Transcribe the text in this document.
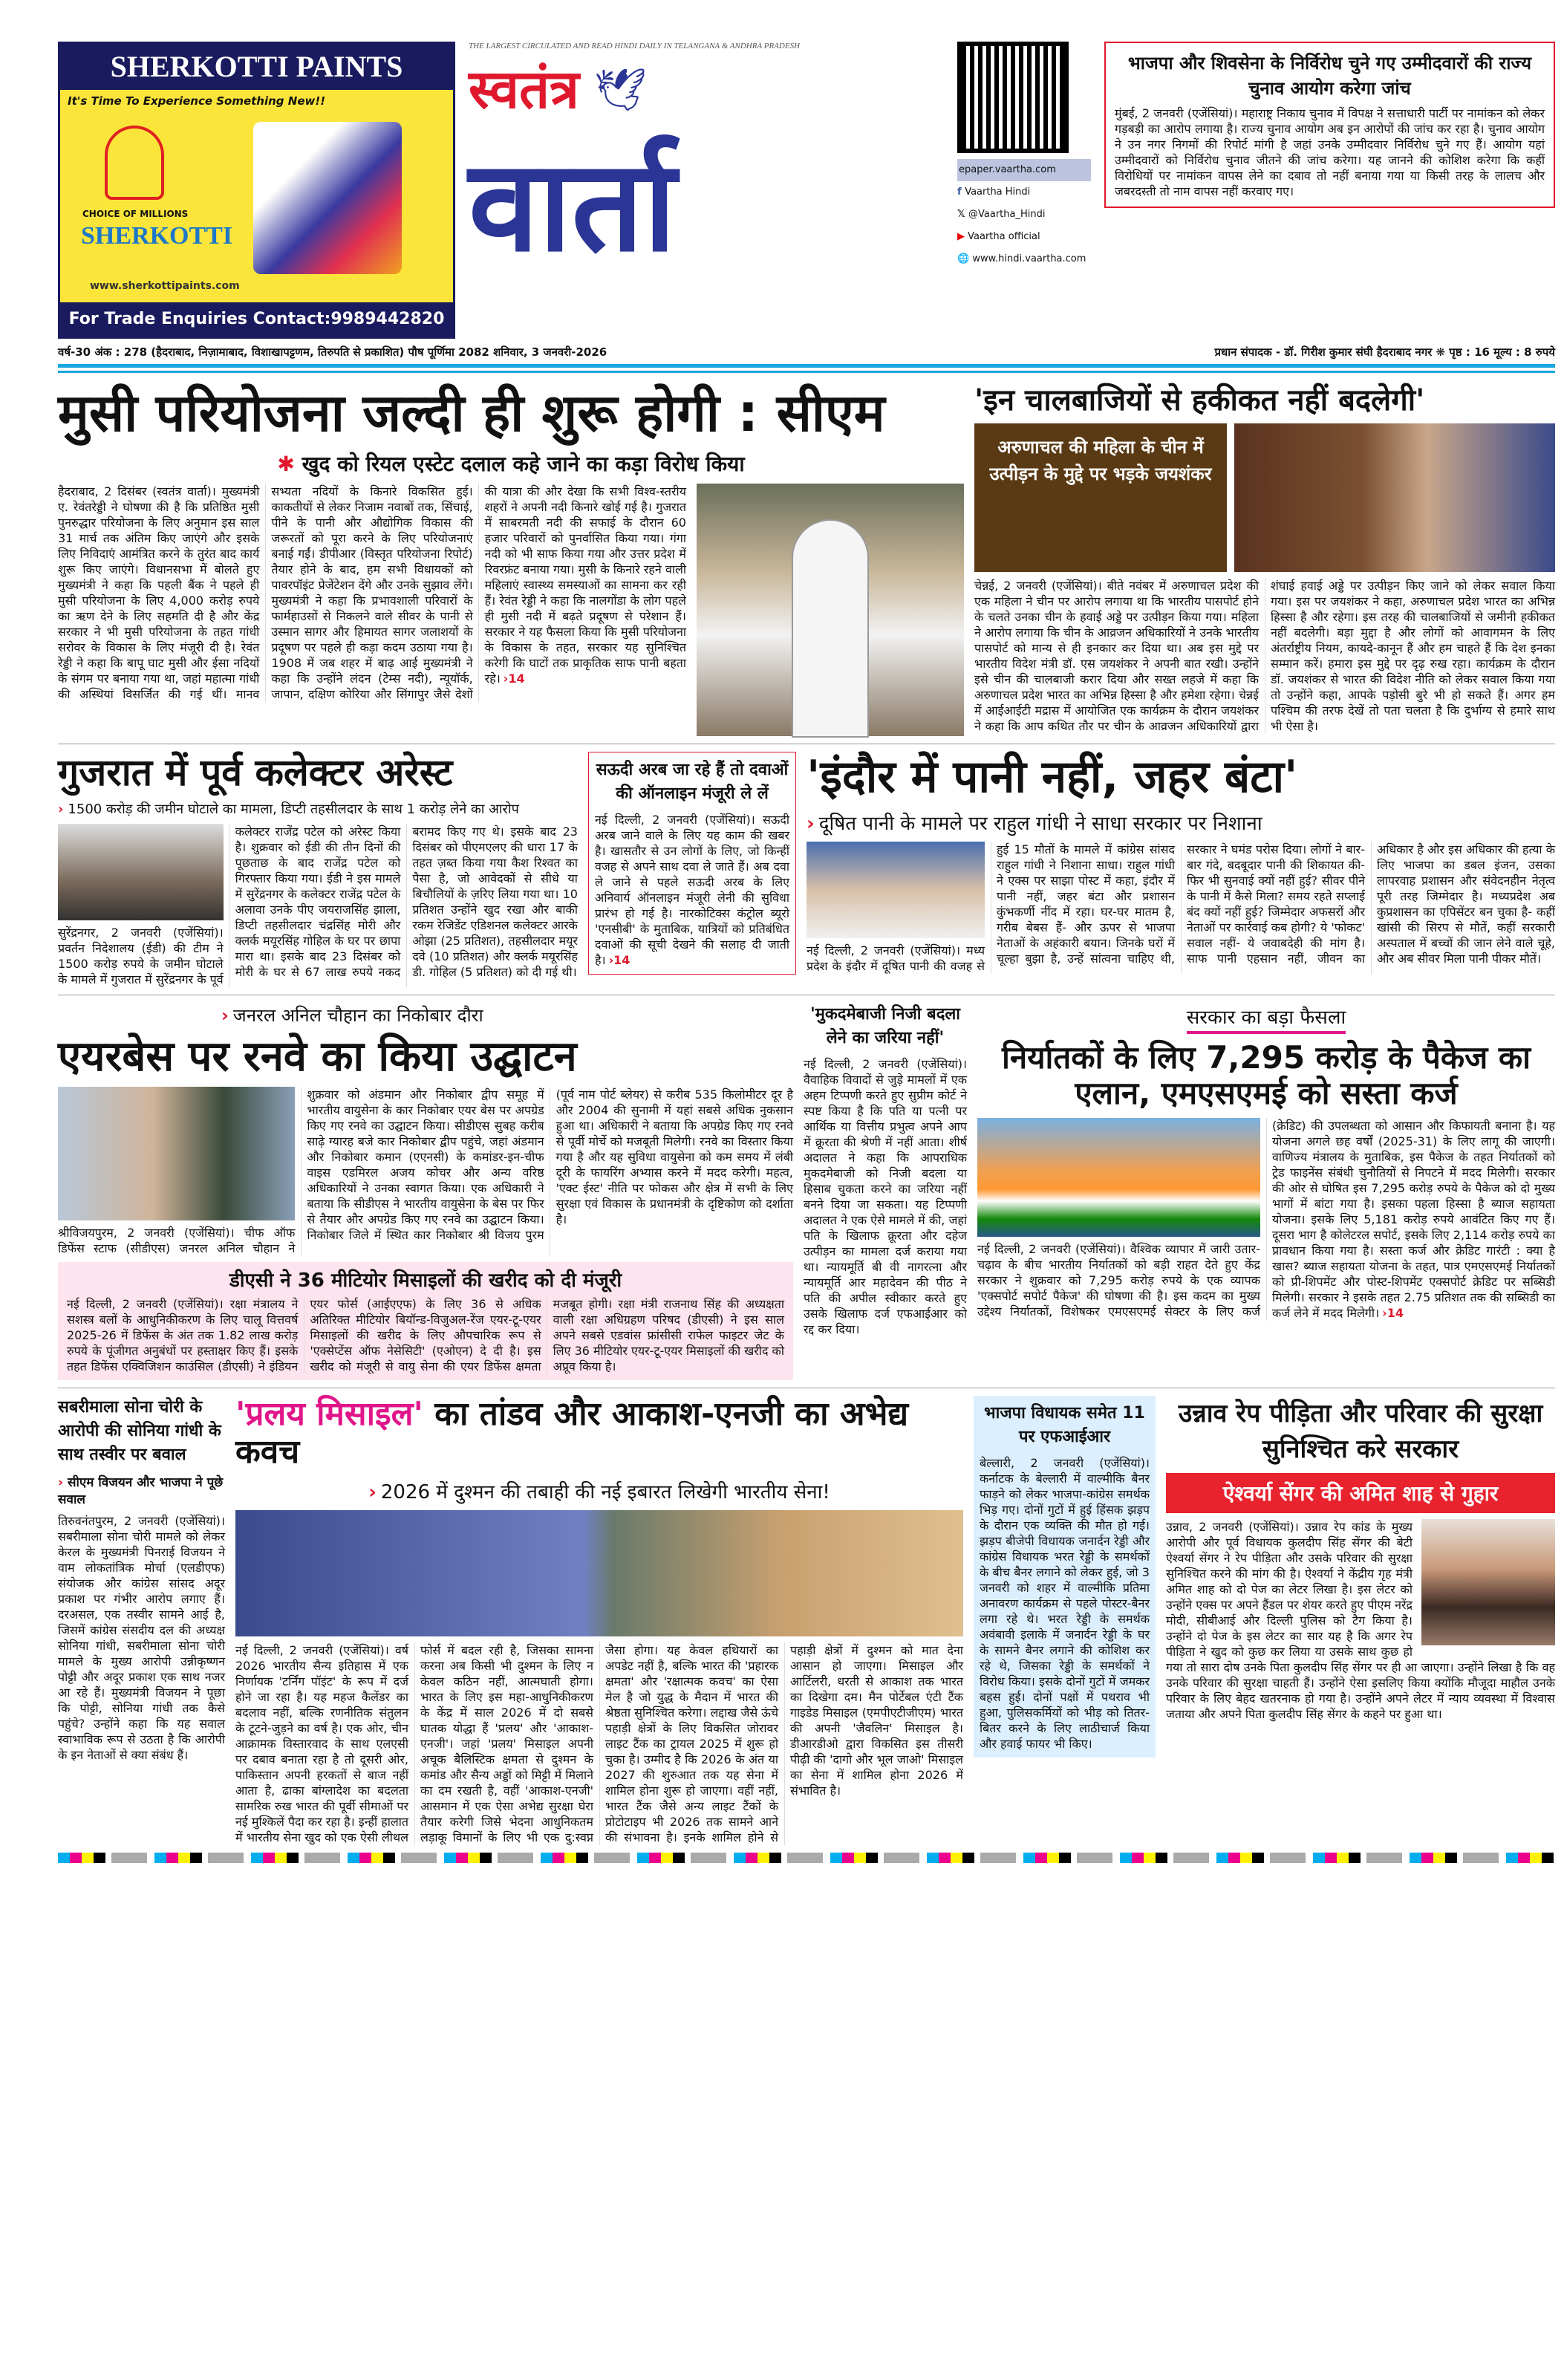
SHERKOTTI PAINTS
It's Time To Experience Something New!!
CHOICE OF MILLIONS
SHERKOTTI
www.sherkottipaints.com
For Trade Enquiries Contact:9989442820
THE LARGEST CIRCULATED AND READ HINDI DAILY IN TELANGANA & ANDHRA PRADESH
स्वतंत्र 🕊
वार्ता	epaper.vaartha.com
f Vaartha Hindi
𝕏 @Vaartha_Hindi
▶ Vaartha official
🌐 www.hindi.vaartha.com
भाजपा और शिवसेना के निर्विरोध चुने गए उम्मीदवारों की राज्य चुनाव आयोग करेगा जांच
मुंबई, 2 जनवरी (एजेंसियां)। महाराष्ट्र निकाय चुनाव में विपक्ष ने सत्ताधारी पार्टी पर नामांकन को लेकर गड़बड़ी का आरोप लगाया है। राज्य चुनाव आयोग अब इन आरोपों की जांच कर रहा है। चुनाव आयोग ने उन नगर निगमों की रिपोर्ट मांगी है जहां उनके उम्मीदवार निर्विरोध चुने गए हैं। आयोग यहां उम्मीदवारों को निर्विरोध चुनाव जीतने की जांच करेगा। यह जानने की कोशिश करेगा कि कहीं विरोधियों पर नामांकन वापस लेने का दबाव तो नहीं बनाया गया या किसी तरह के लालच और जबरदस्ती तो नाम वापस नहीं करवाए गए।
वर्ष-30 अंक : 278 (हैदराबाद, निज़ामाबाद, विशाखापट्टणम, तिरुपति से प्रकाशित) पौष पूर्णिमा 2082 शनिवार, 3 जनवरी-2026	प्रधान संपादक - डॉ. गिरीश कुमार संघी हैदराबाद नगर ❋ पृष्ठ : 16 मूल्य : 8 रुपये
मुसी परियोजना जल्दी ही शुरू होगी : सीएम
✱ खुद को रियल एस्टेट दलाल कहे जाने का कड़ा विरोध किया
हैदराबाद, 2 दिसंबर (स्वतंत्र वार्ता)। मुख्यमंत्री ए. रेवंतरेड्डी ने घोषणा की है कि प्रतिष्ठित मुसी पुनरुद्धार परियोजना के लिए अनुमान इस साल 31 मार्च तक अंतिम किए जाएंगे और इसके लिए निविदाएं आमंत्रित करने के तुरंत बाद कार्य शुरू किए जाएंगे। विधानसभा में बोलते हुए मुख्यमंत्री ने कहा कि पहली बैंक ने पहले ही मुसी परियोजना के लिए 4,000 करोड़ रुपये का ऋण देने के लिए सहमति दी है और केंद्र सरकार ने भी मुसी परियोजना के तहत गांधी सरोवर के विकास के लिए मंजूरी दी है। रेवंत रेड्डी ने कहा कि बापू घाट मुसी और ईसा नदियों के संगम पर बनाया गया था, जहां महात्मा गांधी की अस्थियां विसर्जित की गई थीं। मानव सभ्यता नदियों के किनारे विकसित हुई। काकतीयों से लेकर निजाम नवाबों तक, सिंचाई, पीने के पानी और औद्योगिक विकास की जरूरतों को पूरा करने के लिए परियोजनाएं बनाई गईं। डीपीआर (विस्तृत परियोजना रिपोर्ट) तैयार होने के बाद, हम सभी विधायकों को पावरपॉइंट प्रेजेंटेशन देंगे और उनके सुझाव लेंगे। मुख्यमंत्री ने कहा कि प्रभावशाली परिवारों के फार्महाउसों से निकलने वाले सीवर के पानी से उस्मान सागर और हिमायत सागर जलाशयों के प्रदूषण पर पहले ही कड़ा कदम उठाया गया है। 1908 में जब शहर में बाढ़ आई मुख्यमंत्री ने कहा कि उन्होंने लंदन (टेम्स नदी), न्यूयॉर्क, जापान, दक्षिण कोरिया और सिंगापुर जैसे देशों की यात्रा की और देखा कि सभी विश्व-स्तरीय शहरों ने अपनी नदी किनारे खोई गई है। गुजरात में साबरमती नदी की सफाई के दौरान 60 हजार परिवारों को पुनर्वासित किया गया। गंगा नदी को भी साफ किया गया और उत्तर प्रदेश में रिवरफ्रंट बनाया गया। मुसी के किनारे रहने वाली महिलाएं स्वास्थ्य समस्याओं का सामना कर रही हैं। रेवंत रेड्डी ने कहा कि नालगोंडा के लोग पहले ही मुसी नदी में बढ़ते प्रदूषण से परेशान हैं। सरकार ने यह फैसला किया कि मुसी परियोजना के विकास के तहत, सरकार यह सुनिश्चित करेगी कि घाटों तक प्राकृतिक साफ पानी बहता रहे। ›14
'इन चालबाजियों से हकीकत नहीं बदलेगी'
अरुणाचल की महिला के चीन में उत्पीड़न के मुद्दे पर भड़के जयशंकर
चेन्नई, 2 जनवरी (एजेंसियां)। बीते नवंबर में अरुणाचल प्रदेश की एक महिला ने चीन पर आरोप लगाया था कि भारतीय पासपोर्ट होने के चलते उनका चीन के हवाई अड्डे पर उत्पीड़न किया गया। महिला ने आरोप लगाया कि चीन के आव्रजन अधिकारियों ने उनके भारतीय पासपोर्ट को मान्य से ही इनकार कर दिया था। अब इस मुद्दे पर भारतीय विदेश मंत्री डॉ. एस जयशंकर ने अपनी बात रखी। उन्होंने इसे चीन की चालबाजी करार दिया और सख्त लहजे में कहा कि अरुणाचल प्रदेश भारत का अभिन्न हिस्सा है और हमेशा रहेगा। चेन्नई में आईआईटी मद्रास में आयोजित एक कार्यक्रम के दौरान जयशंकर ने कहा कि आप कथित तौर पर चीन के आव्रजन अधिकारियों द्वारा शंघाई हवाई अड्डे पर उत्पीड़न किए जाने को लेकर सवाल किया गया। इस पर जयशंकर ने कहा, अरुणाचल प्रदेश भारत का अभिन्न हिस्सा है और रहेगा। इस तरह की चालबाजियों से जमीनी हकीकत नहीं बदलेगी। बड़ा मुद्दा है और लोगों को आवागमन के लिए अंतर्राष्ट्रीय नियम, कायदे-कानून हैं और हम चाहते हैं कि देश इनका सम्मान करें। हमारा इस मुद्दे पर दृढ़ रुख रहा। कार्यक्रम के दौरान डॉ. जयशंकर से भारत की विदेश नीति को लेकर सवाल किया गया तो उन्होंने कहा, आपके पड़ोसी बुरे भी हो सकते हैं। अगर हम पश्चिम की तरफ देखें तो पता चलता है कि दुर्भाग्य से हमारे साथ भी ऐसा है।
गुजरात में पूर्व कलेक्टर अरेस्ट
› 1500 करोड़ की जमीन घोटाले का मामला, डिप्टी तहसीलदार के साथ 1 करोड़ लेने का आरोप
सुरेंद्रनगर, 2 जनवरी (एजेंसियां)। प्रवर्तन निदेशालय (ईडी) की टीम ने 1500 करोड़ रुपये के जमीन घोटाले के मामले में गुजरात में सुरेंद्रनगर के पूर्व कलेक्टर राजेंद्र पटेल को अरेस्ट किया है। शुक्रवार को ईडी की तीन दिनों की पूछताछ के बाद राजेंद्र पटेल को गिरफ्तार किया गया। ईडी ने इस मामले में सुरेंद्रनगर के कलेक्टर राजेंद्र पटेल के अलावा उनके पीए जयराजसिंह झाला, डिप्टी तहसीलदार चंद्रसिंह मोरी और क्लर्क मयूरसिंह गोहिल के घर पर छापा मारा था। इसके बाद 23 दिसंबर को मोरी के घर से 67 लाख रुपये नकद बरामद किए गए थे। इसके बाद 23 दिसंबर को पीएमएलए की धारा 17 के तहत ज़ब्त किया गया कैश रिश्वत का पैसा है, जो आवेदकों से सीधे या बिचौलियों के ज़रिए लिया गया था। 10 प्रतिशत उन्होंने खुद रखा और बाकी रकम रेजिडेंट एडिशनल कलेक्टर आरके ओझा (25 प्रतिशत), तहसीलदार मयूर दवे (10 प्रतिशत) और क्लर्क मयूरसिंह डी. गोहिल (5 प्रतिशत) को दी गई थी।
सऊदी अरब जा रहे हैं तो दवाओं की ऑनलाइन मंजूरी ले लें
नई दिल्ली, 2 जनवरी (एजेंसियां)। सऊदी अरब जाने वाले के लिए यह काम की खबर है। खासतौर से उन लोगों के लिए, जो किन्हीं वजह से अपने साथ दवा ले जाते हैं। अब दवा ले जाने से पहले सऊदी अरब के लिए अनिवार्य ऑनलाइन मंजूरी लेनी की सुविधा प्रारंभ हो गई है। नारकोटिक्स कंट्रोल ब्यूरो 'एनसीबी' के मुताबिक, यात्रियों को प्रतिबंधित दवाओं की सूची देखने की सलाह दी जाती है। ›14
'इंदौर में पानी नहीं, जहर बंटा'
› दूषित पानी के मामले पर राहुल गांधी ने साधा सरकार पर निशाना
नई दिल्ली, 2 जनवरी (एजेंसियां)। मध्य प्रदेश के इंदौर में दूषित पानी की वजह से हुई 15 मौतों के मामले में कांग्रेस सांसद राहुल गांधी ने निशाना साधा। राहुल गांधी ने एक्स पर साझा पोस्ट में कहा, इंदौर में पानी नहीं, जहर बंटा और प्रशासन कुंभकर्णी नींद में रहा। घर-घर मातम है, गरीब बेबस हैं- और ऊपर से भाजपा नेताओं के अहंकारी बयान। जिनके घरों में चूल्हा बुझा है, उन्हें सांत्वना चाहिए थी, सरकार ने घमंड परोस दिया। लोगों ने बार-बार गंदे, बदबूदार पानी की शिकायत की- फिर भी सुनवाई क्यों नहीं हुई? सीवर पीने के पानी में कैसे मिला? समय रहते सप्लाई बंद क्यों नहीं हुई? जिम्मेदार अफसरों और नेताओं पर कार्रवाई कब होगी? ये 'फोकट' सवाल नहीं- ये जवाबदेही की मांग है। साफ पानी एहसान नहीं, जीवन का अधिकार है और इस अधिकार की हत्या के लिए भाजपा का डबल इंजन, उसका लापरवाह प्रशासन और संवेदनहीन नेतृत्व पूरी तरह जिम्मेदार है। मध्यप्रदेश अब कुप्रशासन का एपिसेंटर बन चुका है- कहीं खांसी की सिरप से मौतें, कहीं सरकारी अस्पताल में बच्चों की जान लेने वाले चूहे, और अब सीवर मिला पानी पीकर मौतें।
› जनरल अनिल चौहान का निकोबार दौरा
एयरबेस पर रनवे का किया उद्घाटन
श्रीविजयपुरम, 2 जनवरी (एजेंसियां)। चीफ ऑफ डिफेंस स्टाफ (सीडीएस) जनरल अनिल चौहान ने शुक्रवार को अंडमान और निकोबार द्वीप समूह में भारतीय वायुसेना के कार निकोबार एयर बेस पर अपग्रेड किए गए रनवे का उद्घाटन किया। सीडीएस सुबह करीब साढ़े ग्यारह बजे कार निकोबार द्वीप पहुंचे, जहां अंडमान और निकोबार कमान (एएनसी) के कमांडर-इन-चीफ वाइस एडमिरल अजय कोचर और अन्य वरिष्ठ अधिकारियों ने उनका स्वागत किया। एक अधिकारी ने बताया कि सीडीएस ने भारतीय वायुसेना के बेस पर फिर से तैयार और अपग्रेड किए गए रनवे का उद्घाटन किया। निकोबार जिले में स्थित कार निकोबार श्री विजय पुरम (पूर्व नाम पोर्ट ब्लेयर) से करीब 535 किलोमीटर दूर है और 2004 की सुनामी में यहां सबसे अधिक नुकसान हुआ था। अधिकारी ने बताया कि अपग्रेड किए गए रनवे से पूर्वी मोर्चे को मजबूती मिलेगी। रनवे का विस्तार किया गया है और यह सुविधा वायुसेना को कम समय में लंबी दूरी के फायरिंग अभ्यास करने में मदद करेगी। महत्व, 'एक्ट ईस्ट' नीति पर फोकस और क्षेत्र में सभी के लिए सुरक्षा एवं विकास के प्रधानमंत्री के दृष्टिकोण को दर्शाता है।
डीएसी ने 36 मीटियोर मिसाइलों की खरीद को दी मंजूरी
नई दिल्ली, 2 जनवरी (एजेंसियां)। रक्षा मंत्रालय ने सशस्त्र बलों के आधुनिकीकरण के लिए चालू वित्तवर्ष 2025-26 में डिफेंस के अंत तक 1.82 लाख करोड़ रुपये के पूंजीगत अनुबंधों पर हस्ताक्षर किए हैं। इसके तहत डिफेंस एक्विजिशन काउंसिल (डीएसी) ने इंडियन एयर फोर्स (आईएएफ) के लिए 36 से अधिक अतिरिक्त मीटियोर बियॉन्ड-विजुअल-रेंज एयर-टू-एयर मिसाइलों की खरीद के लिए औपचारिक रूप से 'एक्सेप्टेंस ऑफ नेसेसिटी' (एओएन) दे दी है। इस खरीद को मंजूरी से वायु सेना की एयर डिफेंस क्षमता मजबूत होगी। रक्षा मंत्री राजनाथ सिंह की अध्यक्षता वाली रक्षा अधिग्रहण परिषद (डीएसी) ने इस साल अपने सबसे एडवांस फ्रांसीसी राफेल फाइटर जेट के लिए 36 मीटियोर एयर-टू-एयर मिसाइलों की खरीद को अप्रूव किया है।
'मुकदमेबाजी निजी बदला लेने का जरिया नहीं'
नई दिल्ली, 2 जनवरी (एजेंसियां)। वैवाहिक विवादों से जुड़े मामलों में एक अहम टिप्पणी करते हुए सुप्रीम कोर्ट ने स्पष्ट किया है कि पति या पत्नी पर आर्थिक या वित्तीय प्रभुत्व अपने आप में क्रूरता की श्रेणी में नहीं आता। शीर्ष अदालत ने कहा कि आपराधिक मुकदमेबाजी को निजी बदला या हिसाब चुकता करने का जरिया नहीं बनने दिया जा सकता। यह टिप्पणी अदालत ने एक ऐसे मामले में की, जहां पति के खिलाफ क्रूरता और दहेज उत्पीड़न का मामला दर्ज कराया गया था। न्यायमूर्ति बी वी नागरत्ना और न्यायमूर्ति आर महादेवन की पीठ ने पति की अपील स्वीकार करते हुए उसके खिलाफ दर्ज एफआईआर को रद्द कर दिया।
सरकार का बड़ा फैसला
निर्यातकों के लिए 7,295 करोड़ के पैकेज का एलान, एमएसएमई को सस्ता कर्ज
नई दिल्ली, 2 जनवरी (एजेंसियां)। वैश्विक व्यापार में जारी उतार-चढ़ाव के बीच भारतीय निर्यातकों को बड़ी राहत देते हुए केंद्र सरकार ने शुक्रवार को 7,295 करोड़ रुपये के एक व्यापक 'एक्सपोर्ट सपोर्ट पैकेज' की घोषणा की है। इस कदम का मुख्य उद्देश्य निर्यातकों, विशेषकर एमएसएमई सेक्टर के लिए कर्ज (क्रेडिट) की उपलब्धता को आसान और किफायती बनाना है। यह योजना अगले छह वर्षों (2025-31) के लिए लागू की जाएगी। वाणिज्य मंत्रालय के मुताबिक, इस पैकेज के तहत निर्यातकों को ट्रेड फाइनेंस संबंधी चुनौतियों से निपटने में मदद मिलेगी। सरकार की ओर से घोषित इस 7,295 करोड़ रुपये के पैकेज को दो मुख्य भागों में बांटा गया है। इसका पहला हिस्सा है ब्याज सहायता योजना। इसके लिए 5,181 करोड़ रुपये आवंटित किए गए हैं। दूसरा भाग है कोलेटरल सपोर्ट, इसके लिए 2,114 करोड़ रुपये का प्रावधान किया गया है। सस्ता कर्ज और क्रेडिट गारंटी : क्या है खास? ब्याज सहायता योजना के तहत, पात्र एमएसएमई निर्यातकों को प्री-शिपमेंट और पोस्ट-शिपमेंट एक्सपोर्ट क्रेडिट पर सब्सिडी मिलेगी। सरकार ने इसके तहत 2.75 प्रतिशत तक की सब्सिडी का कर्ज लेने में मदद मिलेगी। ›14
सबरीमाला सोना चोरी के आरोपी की सोनिया गांधी के साथ तस्वीर पर बवाल
› सीएम विजयन और भाजपा ने पूछे सवाल
तिरुवनंतपुरम, 2 जनवरी (एजेंसियां)। सबरीमाला सोना चोरी मामले को लेकर केरल के मुख्यमंत्री पिनराई विजयन ने वाम लोकतांत्रिक मोर्चा (एलडीएफ) संयोजक और कांग्रेस सांसद अदूर प्रकाश पर गंभीर आरोप लगाए हैं। दरअसल, एक तस्वीर सामने आई है, जिसमें कांग्रेस संसदीय दल की अध्यक्ष सोनिया गांधी, सबरीमाला सोना चोरी मामले के मुख्य आरोपी उन्नीकृष्णन पोट्टी और अदूर प्रकाश एक साथ नजर आ रहे हैं। मुख्यमंत्री विजयन ने पूछा कि पोट्टी, सोनिया गांधी तक कैसे पहुंचे? उन्होंने कहा कि यह सवाल स्वाभाविक रूप से उठता है कि आरोपी के इन नेताओं से क्या संबंध हैं।
'प्रलय मिसाइल' का तांडव और आकाश-एनजी का अभेद्य कवच
› 2026 में दुश्मन की तबाही की नई इबारत लिखेगी भारतीय सेना!
नई दिल्ली, 2 जनवरी (एजेंसियां)। वर्ष 2026 भारतीय सैन्य इतिहास में एक निर्णायक 'टर्निंग पॉइंट' के रूप में दर्ज होने जा रहा है। यह महज कैलेंडर का बदलाव नहीं, बल्कि रणनीतिक संतुलन के टूटने-जुड़ने का वर्ष है। एक ओर, चीन आक्रामक विस्तारवाद के साथ एलएसी पर दबाव बनाता रहा है तो दूसरी ओर, पाकिस्तान अपनी हरकतों से बाज नहीं आता है, ढाका बांग्लादेश का बदलता सामरिक रुख भारत की पूर्वी सीमाओं पर नई मुश्किलें पैदा कर रहा है। इन्हीं हालात में भारतीय सेना खुद को एक ऐसी लीथल फोर्स में बदल रही है, जिसका सामना करना अब किसी भी दुश्मन के लिए न केवल कठिन नहीं, आत्मघाती होगा। भारत के लिए इस महा-आधुनिकीकरण के केंद्र में साल 2026 में दो सबसे घातक योद्धा हैं 'प्रलय' और 'आकाश-एनजी'। जहां 'प्रलय' मिसाइल अपनी अचूक बैलिस्टिक क्षमता से दुश्मन के कमांड और सैन्य अड्डों को मिट्टी में मिलाने का दम रखती है, वहीं 'आकाश-एनजी' आसमान में एक ऐसा अभेद्य सुरक्षा घेरा तैयार करेगी जिसे भेदना आधुनिकतम लड़ाकू विमानों के लिए भी एक दु:स्वप्न जैसा होगा। यह केवल हथियारों का अपडेट नहीं है, बल्कि भारत की 'प्रहारक क्षमता' और 'रक्षात्मक कवच' का ऐसा मेल है जो युद्ध के मैदान में भारत की श्रेष्ठता सुनिश्चित करेगा। लद्दाख जैसे ऊंचे पहाड़ी क्षेत्रों के लिए विकसित जोरावर लाइट टैंक का ट्रायल 2025 में शुरू हो चुका है। उम्मीद है कि 2026 के अंत या 2027 की शुरुआत तक यह सेना में शामिल होना शुरू हो जाएगा। वहीं नहीं, भारत टैंक जैसे अन्य लाइट टैंकों के प्रोटोटाइप भी 2026 तक सामने आने की संभावना है। इनके शामिल होने से पहाड़ी क्षेत्रों में दुश्मन को मात देना आसान हो जाएगा। मिसाइल और आर्टिलरी, धरती से आकाश तक भारत का दिखेगा दम। मैन पोर्टेबल एंटी टैंक गाइडेड मिसाइल (एमपीएटीजीएम) भारत की अपनी 'जैवलिन' मिसाइल है। डीआरडीओ द्वारा विकसित इस तीसरी पीढ़ी की 'दागो और भूल जाओ' मिसाइल का सेना में शामिल होना 2026 में संभावित है।
भाजपा विधायक समेत 11 पर एफआईआर
बेल्लारी, 2 जनवरी (एजेंसियां)। कर्नाटक के बेल्लारी में वाल्मीकि बैनर फाड़ने को लेकर भाजपा-कांग्रेस समर्थक भिड़ गए। दोनों गुटों में हुई हिंसक झड़प के दौरान एक व्यक्ति की मौत हो गई। झड़प बीजेपी विधायक जनार्दन रेड्डी और कांग्रेस विधायक भरत रेड्डी के समर्थकों के बीच बैनर लगाने को लेकर हुई, जो 3 जनवरी को शहर में वाल्मीकि प्रतिमा अनावरण कार्यक्रम से पहले पोस्टर-बैनर लगा रहे थे। भरत रेड्डी के समर्थक अवंबावी इलाके में जनार्दन रेड्डी के घर के सामने बैनर लगाने की कोशिश कर रहे थे, जिसका रेड्डी के समर्थकों ने विरोध किया। इसके दोनों गुटों में जमकर बहस हुई। दोनों पक्षों में पथराव भी हुआ, पुलिसकर्मियों को भीड़ को तितर-बितर करने के लिए लाठीचार्ज किया और हवाई फायर भी किए।
उन्नाव रेप पीड़िता और परिवार की सुरक्षा सुनिश्चित करे सरकार
ऐश्वर्या सेंगर की अमित शाह से गुहार
उन्नाव, 2 जनवरी (एजेंसियां)। उन्नाव रेप कांड के मुख्य आरोपी और पूर्व विधायक कुलदीप सिंह सेंगर की बेटी ऐश्वर्या सेंगर ने रेप पीड़िता और उसके परिवार की सुरक्षा सुनिश्चित करने की मांग की है। ऐश्वर्या ने केंद्रीय गृह मंत्री अमित शाह को दो पेज का लेटर लिखा है। इस लेटर को उन्होंने एक्स पर अपने हैंडल पर शेयर करते हुए पीएम नरेंद्र मोदी, सीबीआई और दिल्ली पुलिस को टैग किया है। उन्होंने दो पेज के इस लेटर का सार यह है कि अगर रेप पीड़िता ने खुद को कुछ कर लिया या उसके साथ कुछ हो गया तो सारा दोष उनके पिता कुलदीप सिंह सेंगर पर ही आ जाएगा। उन्होंने लिखा है कि वह उनके परिवार की सुरक्षा चाहती हैं। उन्होंने ऐसा इसलिए किया क्योंकि मौजूदा माहौल उनके परिवार के लिए बेहद खतरनाक हो गया है। उन्होंने अपने लेटर में न्याय व्यवस्था में विश्वास जताया और अपने पिता कुलदीप सिंह सेंगर के कहने पर हुआ था।
